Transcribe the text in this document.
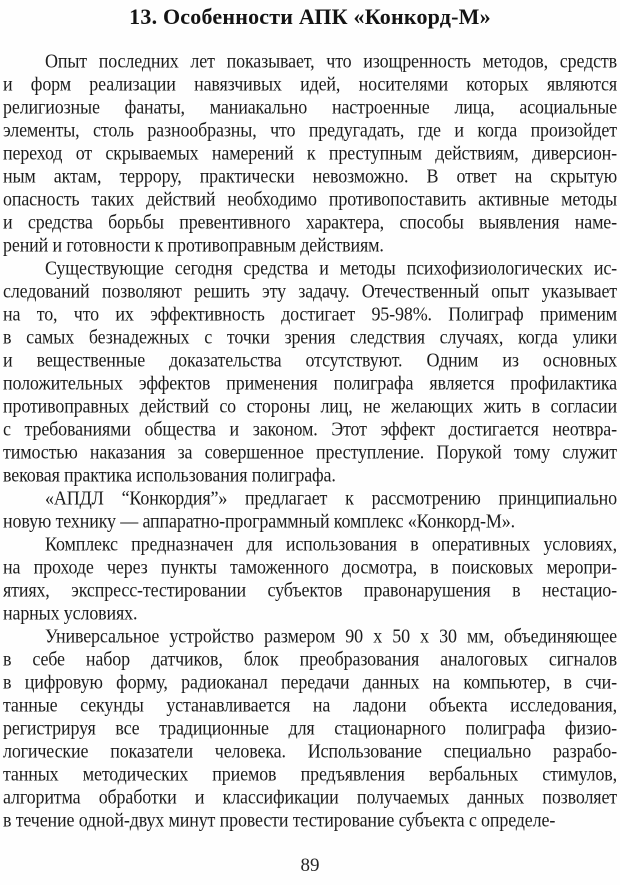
13. Особенности АПК «Конкорд-М»
Опыт последних лет показывает, что изощренность методов, средств
и форм реализации навязчивых идей, носителями которых являются
религиозные фанаты, маниакально настроенные лица, асоциальные
элементы, столь разнообразны, что предугадать, где и когда произойдет
переход от скрываемых намерений к преступным действиям, диверсион-
ным актам, террору, практически невозможно. В ответ на скрытую
опасность таких действий необходимо противопоставить активные методы
и средства борьбы превентивного характера, способы выявления наме-
рений и готовности к противоправным действиям.
Существующие сегодня средства и методы психофизиологических ис-
следований позволяют решить эту задачу. Отечественный опыт указывает
на то, что их эффективность достигает 95-98%. Полиграф применим
в самых безнадежных с точки зрения следствия случаях, когда улики
и вещественные доказательства отсутствуют. Одним из основных
положительных эффектов применения полиграфа является профилактика
противоправных действий со стороны лиц, не желающих жить в согласии
с требованиями общества и законом. Этот эффект достигается неотвра-
тимостью наказания за совершенное преступление. Порукой тому служит
вековая практика использования полиграфа.
«АПДЛ “Конкордия”» предлагает к рассмотрению принципиально
новую технику — аппаратно-программный комплекс «Конкорд-М».
Комплекс предназначен для использования в оперативных условиях,
на проходе через пункты таможенного досмотра, в поисковых меропри-
ятиях, экспресс-тестировании субъектов правонарушения в нестацио-
нарных условиях.
Универсальное устройство размером 90 х 50 х 30 мм, объединяющее
в себе набор датчиков, блок преобразования аналоговых сигналов
в цифровую форму, радиоканал передачи данных на компьютер, в счи-
танные секунды устанавливается на ладони объекта исследования,
регистрируя все традиционные для стационарного полиграфа физио-
логические показатели человека. Использование специально разрабо-
танных методических приемов предъявления вербальных стимулов,
алгоритма обработки и классификации получаемых данных позволяет
в течение одной-двух минут провести тестирование субъекта с определе-
89
